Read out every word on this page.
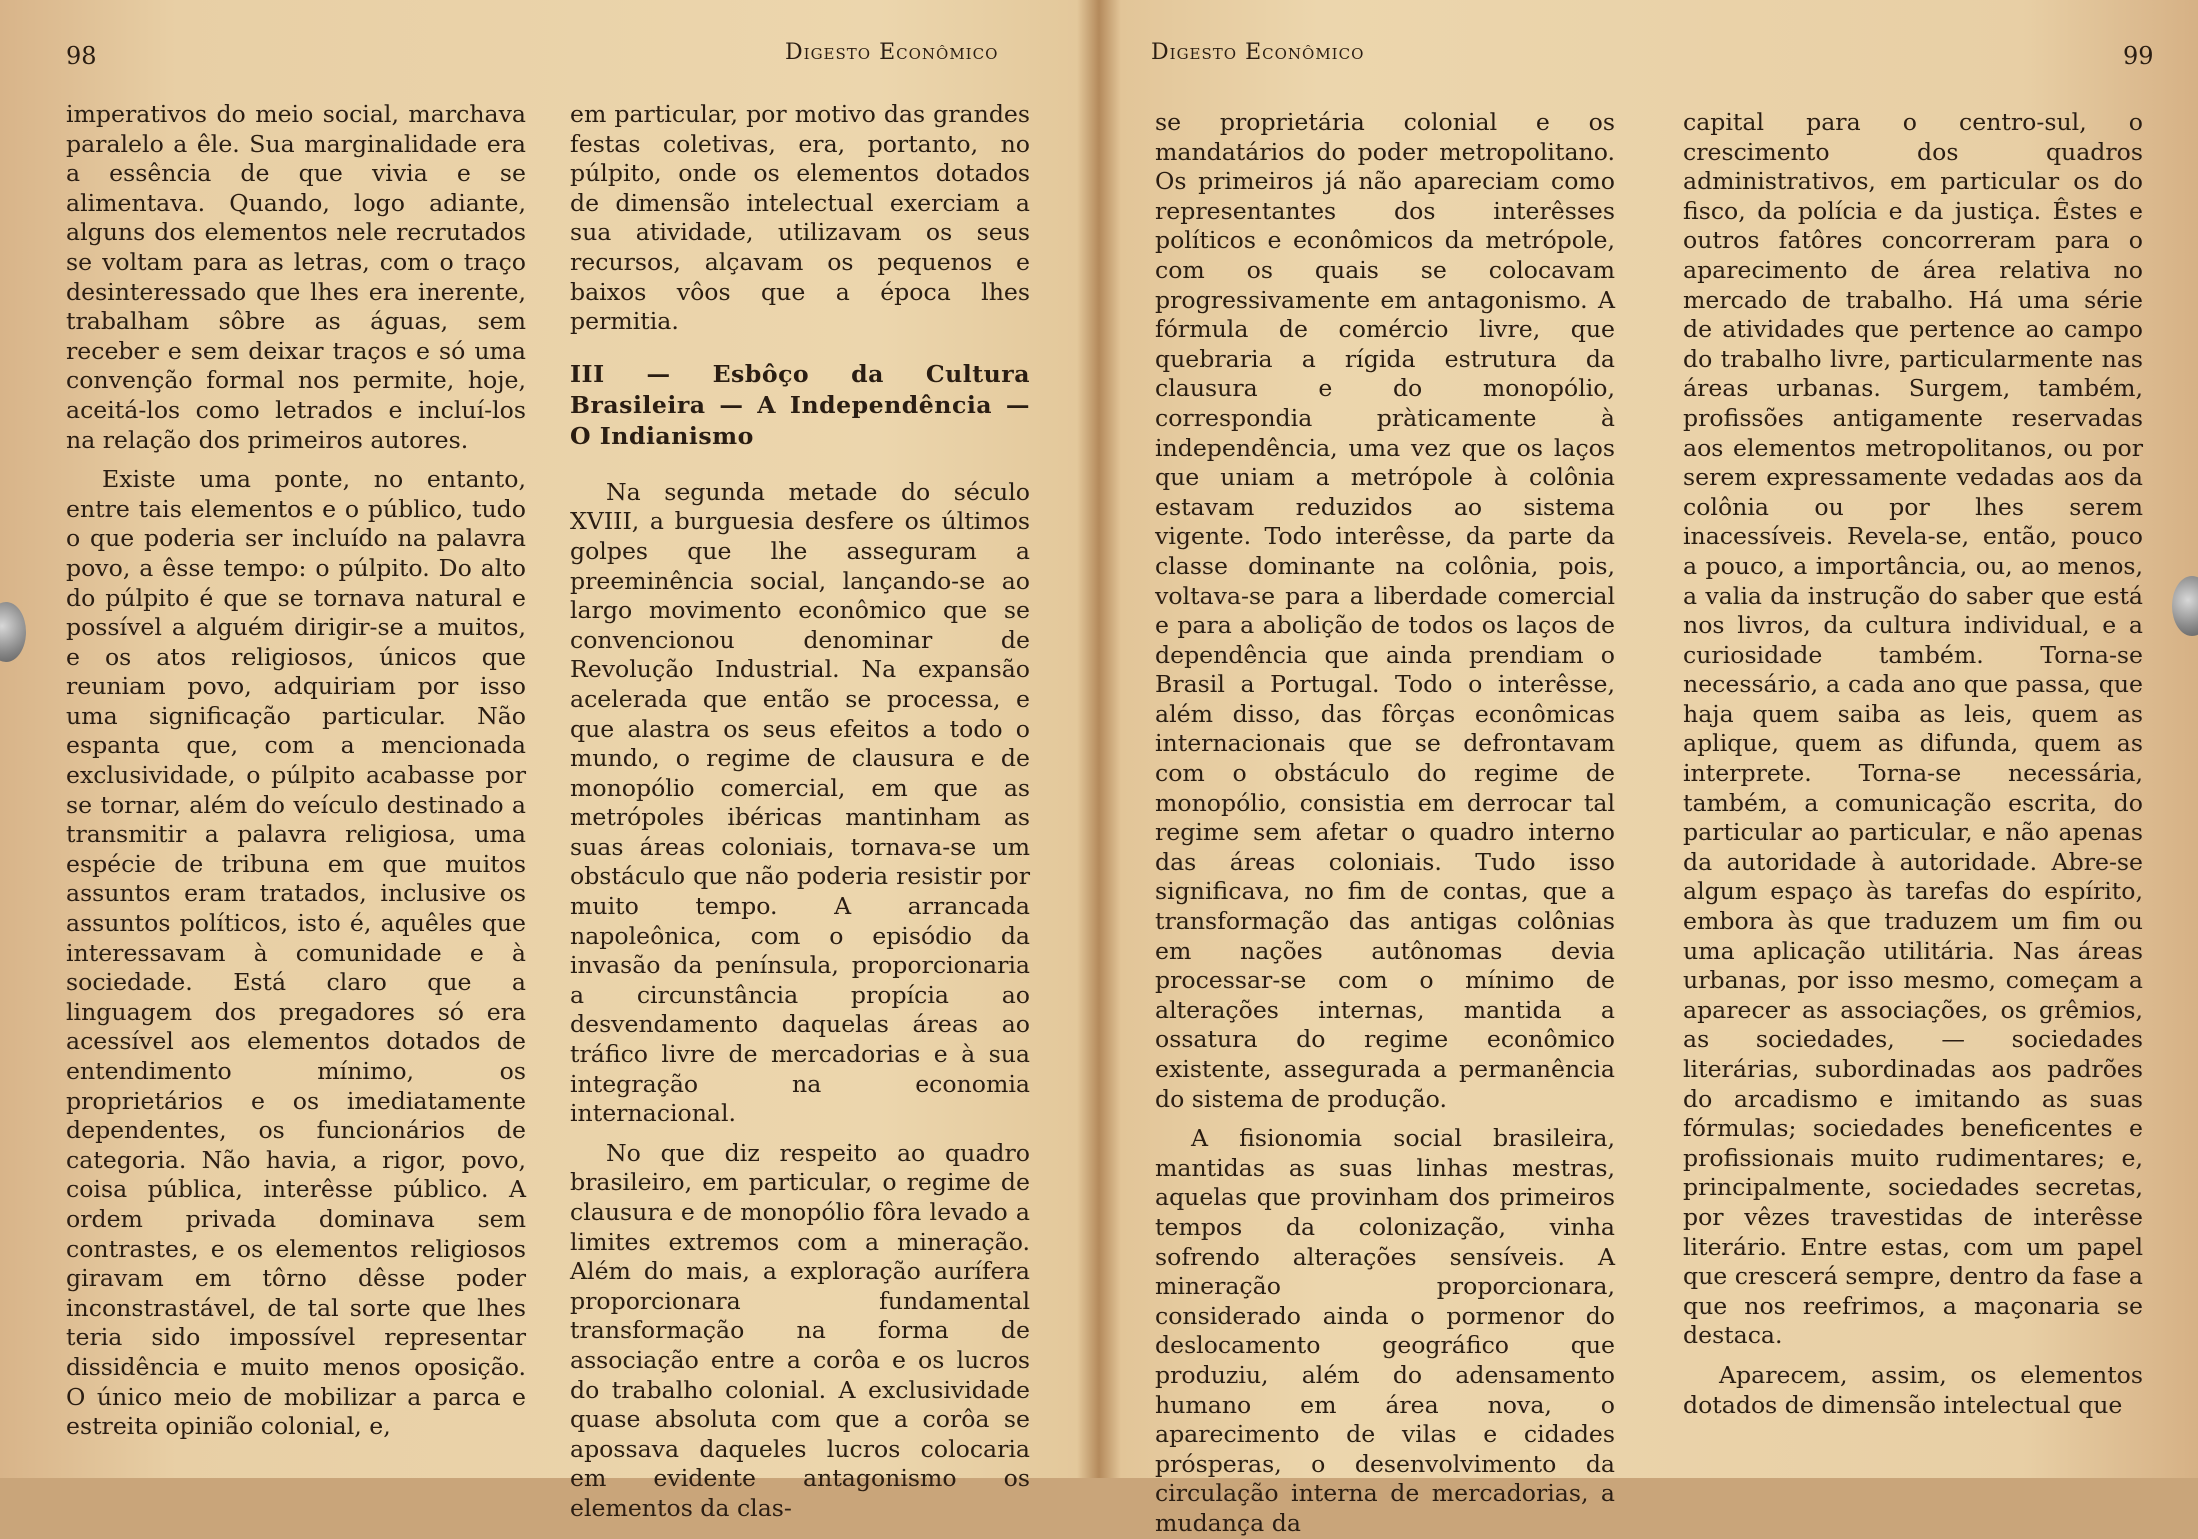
98	Digesto Econômico

imperativos do meio social, marchava paralelo a êle. Sua marginalidade era a essência de que vivia e se alimentava. Quando, logo adiante, alguns dos elementos nele recrutados se voltam para as letras, com o traço desinteressado que lhes era inerente, trabalham sôbre as águas, sem receber e sem deixar traços e só uma convenção formal nos permite, hoje, aceitá-los como letrados e incluí-los na relação dos primeiros autores.

Existe uma ponte, no entanto, entre tais elementos e o público, tudo o que poderia ser incluído na palavra povo, a êsse tempo: o púlpito. Do alto do púlpito é que se tornava natural e possível a alguém dirigir-se a muitos, e os atos religiosos, únicos que reuniam povo, adquiriam por isso uma significação particular. Não espanta que, com a mencionada exclusividade, o púlpito acabasse por se tornar, além do veículo destinado a transmitir a palavra religiosa, uma espécie de tribuna em que muitos assuntos eram tratados, inclusive os assuntos políticos, isto é, aquêles que interessavam à comunidade e à sociedade. Está claro que a linguagem dos pregadores só era acessível aos elementos dotados de entendimento mínimo, os proprietários e os imediatamente dependentes, os funcionários de categoria. Não havia, a rigor, povo, coisa pública, interêsse público. A ordem privada dominava sem contrastes, e os elementos religiosos giravam em tôrno dêsse poder inconstrastável, de tal sorte que lhes teria sido impossível representar dissidência e muito menos oposição. O único meio de mobilizar a parca e estreita opinião colonial, e,

em particular, por motivo das grandes festas coletivas, era, portanto, no púlpito, onde os elementos dotados de dimensão intelectual exerciam a sua atividade, utilizavam os seus recursos, alçavam os pequenos e baixos vôos que a época lhes permitia.

III — Esbôço da Cultura Brasileira — A Independência — O Indianismo

Na segunda metade do século XVIII, a burguesia desfere os últimos golpes que lhe asseguram a preeminência social, lançando-se ao largo movimento econômico que se convencionou denominar de Revolução Industrial. Na expansão acelerada que então se processa, e que alastra os seus efeitos a todo o mundo, o regime de clausura e de monopólio comercial, em que as metrópoles ibéricas mantinham as suas áreas coloniais, tornava-se um obstáculo que não poderia resistir por muito tempo. A arrancada napoleônica, com o episódio da invasão da península, proporcionaria a circunstância propícia ao desvendamento daquelas áreas ao tráfico livre de mercadorias e à sua integração na economia internacional.

No que diz respeito ao quadro brasileiro, em particular, o regime de clausura e de monopólio fôra levado a limites extremos com a mineração. Além do mais, a exploração aurífera proporcionara fundamental transformação na forma de associação entre a corôa e os lucros do trabalho colonial. A exclusividade quase absoluta com que a corôa se apossava daqueles lucros colocaria em evidente antagonismo os elementos da clas-

Digesto Econômico	99

se proprietária colonial e os mandatários do poder metropolitano. Os primeiros já não apareciam como representantes dos interêsses políticos e econômicos da metrópole, com os quais se colocavam progressivamente em antagonismo. A fórmula de comércio livre, que quebraria a rígida estrutura da clausura e do monopólio, correspondia pràticamente à independência, uma vez que os laços que uniam a metrópole à colônia estavam reduzidos ao sistema vigente. Todo interêsse, da parte da classe dominante na colônia, pois, voltava-se para a liberdade comercial e para a abolição de todos os laços de dependência que ainda prendiam o Brasil a Portugal. Todo o interêsse, além disso, das fôrças econômicas internacionais que se defrontavam com o obstáculo do regime de monopólio, consistia em derrocar tal regime sem afetar o quadro interno das áreas coloniais. Tudo isso significava, no fim de contas, que a transformação das antigas colônias em nações autônomas devia processar-se com o mínimo de alterações internas, mantida a ossatura do regime econômico existente, assegurada a permanência do sistema de produção.

A fisionomia social brasileira, mantidas as suas linhas mestras, aquelas que provinham dos primeiros tempos da colonização, vinha sofrendo alterações sensíveis. A mineração proporcionara, considerado ainda o pormenor do deslocamento geográfico que produziu, além do adensamento humano em área nova, o aparecimento de vilas e cidades prósperas, o desenvolvimento da circulação interna de mercadorias, a mudança da

capital para o centro-sul, o crescimento dos quadros administrativos, em particular os do fisco, da polícia e da justiça. Êstes e outros fatôres concorreram para o aparecimento de área relativa no mercado de trabalho. Há uma série de atividades que pertence ao campo do trabalho livre, particularmente nas áreas urbanas. Surgem, também, profissões antigamente reservadas aos elementos metropolitanos, ou por serem expressamente vedadas aos da colônia ou por lhes serem inacessíveis. Revela-se, então, pouco a pouco, a importância, ou, ao menos, a valia da instrução do saber que está nos livros, da cultura individual, e a curiosidade também. Torna-se necessário, a cada ano que passa, que haja quem saiba as leis, quem as aplique, quem as difunda, quem as interprete. Torna-se necessária, também, a comunicação escrita, do particular ao particular, e não apenas da autoridade à autoridade. Abre-se algum espaço às tarefas do espírito, embora às que traduzem um fim ou uma aplicação utilitária. Nas áreas urbanas, por isso mesmo, começam a aparecer as associações, os grêmios, as sociedades, — sociedades literárias, subordinadas aos padrões do arcadismo e imitando as suas fórmulas; sociedades beneficentes e profissionais muito rudimentares; e, principalmente, sociedades secretas, por vêzes travestidas de interêsse literário. Entre estas, com um papel que crescerá sempre, dentro da fase a que nos reefrimos, a maçonaria se destaca.

Aparecem, assim, os elementos dotados de dimensão intelectual que
